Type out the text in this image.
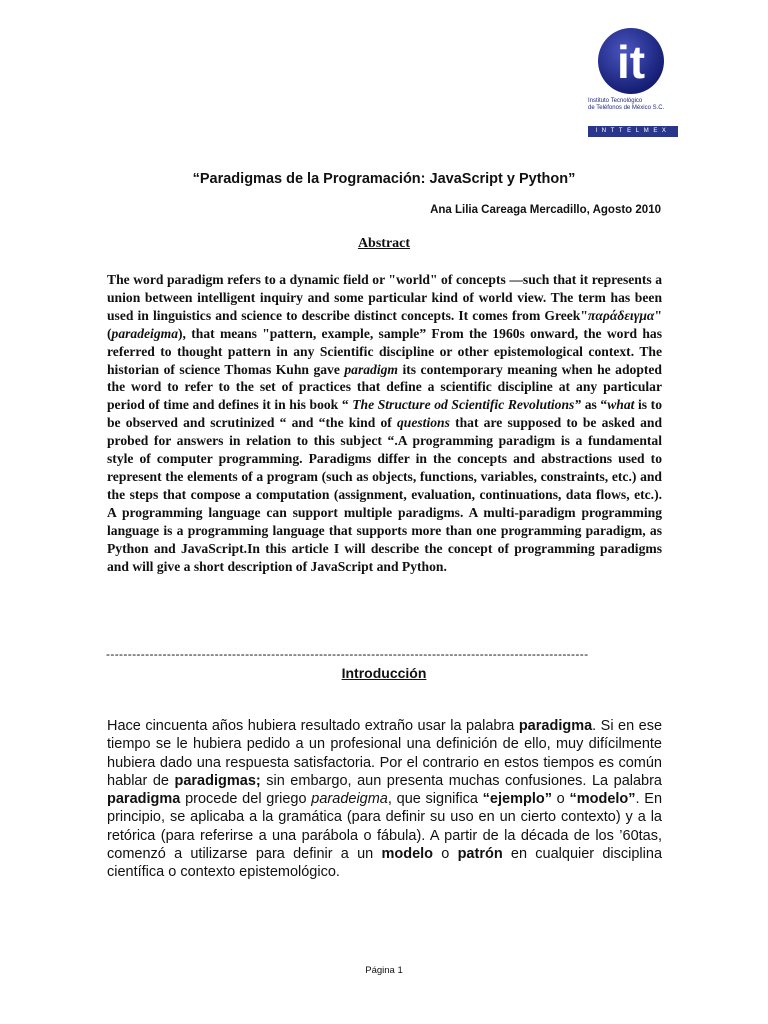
it
Instituto Tecnológico
de Teléfonos de México S.C.
INTTELMEX
“Paradigmas de la Programación: JavaScript y Python”
Ana Lilia Careaga Mercadillo, Agosto 2010
Abstract

The word paradigm refers to a dynamic field or "world" of concepts —such that it represents a union between intelligent inquiry and some particular kind of world view. The term has been used in linguistics and science to describe distinct concepts. It comes from Greek"παράδειγμα" (paradeigma), that means "pattern, example, sample” From the 1960s onward, the word has referred to thought pattern in any Scientific discipline or other epistemological context. The historian of science Thomas Kuhn gave paradigm its contemporary meaning when he adopted the word to refer to the set of practices that define a scientific discipline at any particular period of time and defines it in his book “ The Structure od Scientific Revolutions” as “what is to be observed and scrutinized “ and “the kind of questions that are supposed to be asked and probed for answers in relation to this subject “.A programming paradigm is a fundamental style of computer programming. Paradigms differ in the concepts and abstractions used to represent the elements of a program (such as objects, functions, variables, constraints, etc.) and the steps that compose a computation (assignment, evaluation, continuations, data flows, etc.). A programming language can support multiple paradigms. A multi-paradigm programming language is a programming language that supports more than one programming paradigm, as Python and JavaScript.In this article I will describe the concept of programming paradigms and will give a short description of JavaScript and Python.

---------------------------------------------------------------------------------------------------------------
Introducción

Hace cincuenta años hubiera resultado extraño usar la palabra paradigma. Si en ese tiempo se le hubiera pedido a un profesional una definición de ello, muy difícilmente hubiera dado una respuesta satisfactoria. Por el contrario en estos tiempos es común hablar de paradigmas; sin embargo, aun presenta muchas confusiones. La palabra paradigma procede del griego paradeigma, que significa “ejemplo” o “modelo”. En principio, se aplicaba a la gramática (para definir su uso en un cierto contexto) y a la retórica (para referirse a una parábola o fábula). A partir de la década de los ’60tas, comenzó a utilizarse para definir a un modelo o patrón en cualquier disciplina científica o contexto epistemológico.

Página 1
